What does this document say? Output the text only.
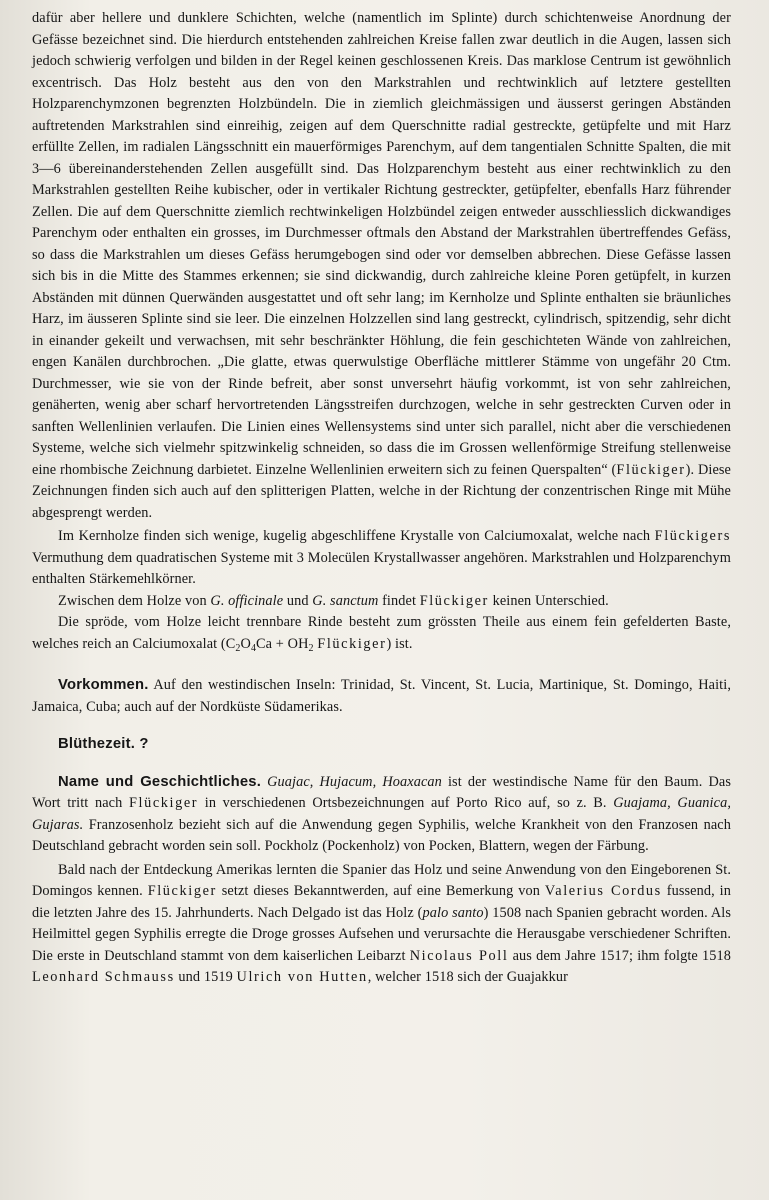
dafür aber hellere und dunklere Schichten, welche (namentlich im Splinte) durch schichtenweise Anordnung der Gefässe bezeichnet sind. Die hierdurch entstehenden zahlreichen Kreise fallen zwar deutlich in die Augen, lassen sich jedoch schwierig verfolgen und bilden in der Regel keinen geschlossenen Kreis. Das marklose Centrum ist gewöhnlich excentrisch. Das Holz besteht aus den von den Markstrahlen und rechtwinklich auf letztere gestellten Holzparenchymzonen begrenzten Holzbündeln. Die in ziemlich gleichmässigen und äusserst geringen Abständen auftretenden Markstrahlen sind einreihig, zeigen auf dem Querschnitte radial gestreckte, getüpfelte und mit Harz erfüllte Zellen, im radialen Längsschnitt ein mauerförmiges Parenchym, auf dem tangentialen Schnitte Spalten, die mit 3—6 übereinanderstehenden Zellen ausgefüllt sind. Das Holzparenchym besteht aus einer rechtwinklich zu den Markstrahlen gestellten Reihe kubischer, oder in vertikaler Richtung gestreckter, getüpfelter, ebenfalls Harz führender Zellen. Die auf dem Querschnitte ziemlich rechtwinkeligen Holzbündel zeigen entweder ausschliesslich dickwandiges Parenchym oder enthalten ein grosses, im Durchmesser oftmals den Abstand der Markstrahlen übertreffendes Gefäss, so dass die Markstrahlen um dieses Gefäss herumgebogen sind oder vor demselben abbrechen. Diese Gefässe lassen sich bis in die Mitte des Stammes erkennen; sie sind dickwandig, durch zahlreiche kleine Poren getüpfelt, in kurzen Abständen mit dünnen Querwänden ausgestattet und oft sehr lang; im Kernholze und Splinte enthalten sie bräunliches Harz, im äusseren Splinte sind sie leer. Die einzelnen Holzzellen sind lang gestreckt, cylindrisch, spitzendig, sehr dicht in einander gekeilt und verwachsen, mit sehr beschränkter Höhlung, die fein geschichteten Wände von zahlreichen, engen Kanälen durchbrochen. „Die glatte, etwas querwulstige Oberfläche mittlerer Stämme von ungefähr 20 Ctm. Durchmesser, wie sie von der Rinde befreit, aber sonst unversehrt häufig vorkommt, ist von sehr zahlreichen, genäherten, wenig aber scharf hervortretenden Längsstreifen durchzogen, welche in sehr gestreckten Curven oder in sanften Wellenlinien verlaufen. Die Linien eines Wellensystems sind unter sich parallel, nicht aber die verschiedenen Systeme, welche sich vielmehr spitzwinkelig schneiden, so dass die im Grossen wellenförmige Streifung stellenweise eine rhombische Zeichnung darbietet. Einzelne Wellenlinien erweitern sich zu feinen Querspalten“ (Flückiger). Diese Zeichnungen finden sich auch auf den splitterigen Platten, welche in der Richtung der conzentrischen Ringe mit Mühe abgesprengt werden.

Im Kernholze finden sich wenige, kugelig abgeschliffene Krystalle von Calciumoxalat, welche nach Flückigers Vermuthung dem quadratischen Systeme mit 3 Molecülen Krystallwasser angehören. Markstrahlen und Holzparenchym enthalten Stärkemehlkörner.

Zwischen dem Holze von G. officinale und G. sanctum findet Flückiger keinen Unterschied.

Die spröde, vom Holze leicht trennbare Rinde besteht zum grössten Theile aus einem fein gefelderten Baste, welches reich an Calciumoxalat ($C_2O_4Ca + OH_2$ Flückiger) ist.

Vorkommen. Auf den westindischen Inseln: Trinidad, St. Vincent, St. Lucia, Martinique, St. Domingo, Haiti, Jamaica, Cuba; auch auf der Nordküste Südamerikas.

Blüthezeit. ?

Name und Geschichtliches. Guajac, Hujacum, Hoaxacan ist der westindische Name für den Baum. Das Wort tritt nach Flückiger in verschiedenen Ortsbezeichnungen auf Porto Rico auf, so z. B. Guajama, Guanica, Gujaras. Franzosenholz bezieht sich auf die Anwendung gegen Syphilis, welche Krankheit von den Franzosen nach Deutschland gebracht worden sein soll. Pockholz (Pockenholz) von Pocken, Blattern, wegen der Färbung.

Bald nach der Entdeckung Amerikas lernten die Spanier das Holz und seine Anwendung von den Eingeborenen St. Domingos kennen. Flückiger setzt dieses Bekanntwerden, auf eine Bemerkung von Valerius Cordus fussend, in die letzten Jahre des 15. Jahrhunderts. Nach Delgado ist das Holz (palo santo) 1508 nach Spanien gebracht worden. Als Heilmittel gegen Syphilis erregte die Droge grosses Aufsehen und verursachte die Herausgabe verschiedener Schriften. Die erste in Deutschland stammt von dem kaiserlichen Leibarzt Nicolaus Poll aus dem Jahre 1517; ihm folgte 1518 Leonhard Schmauss und 1519 Ulrich von Hutten, welcher 1518 sich der Guajakkur
